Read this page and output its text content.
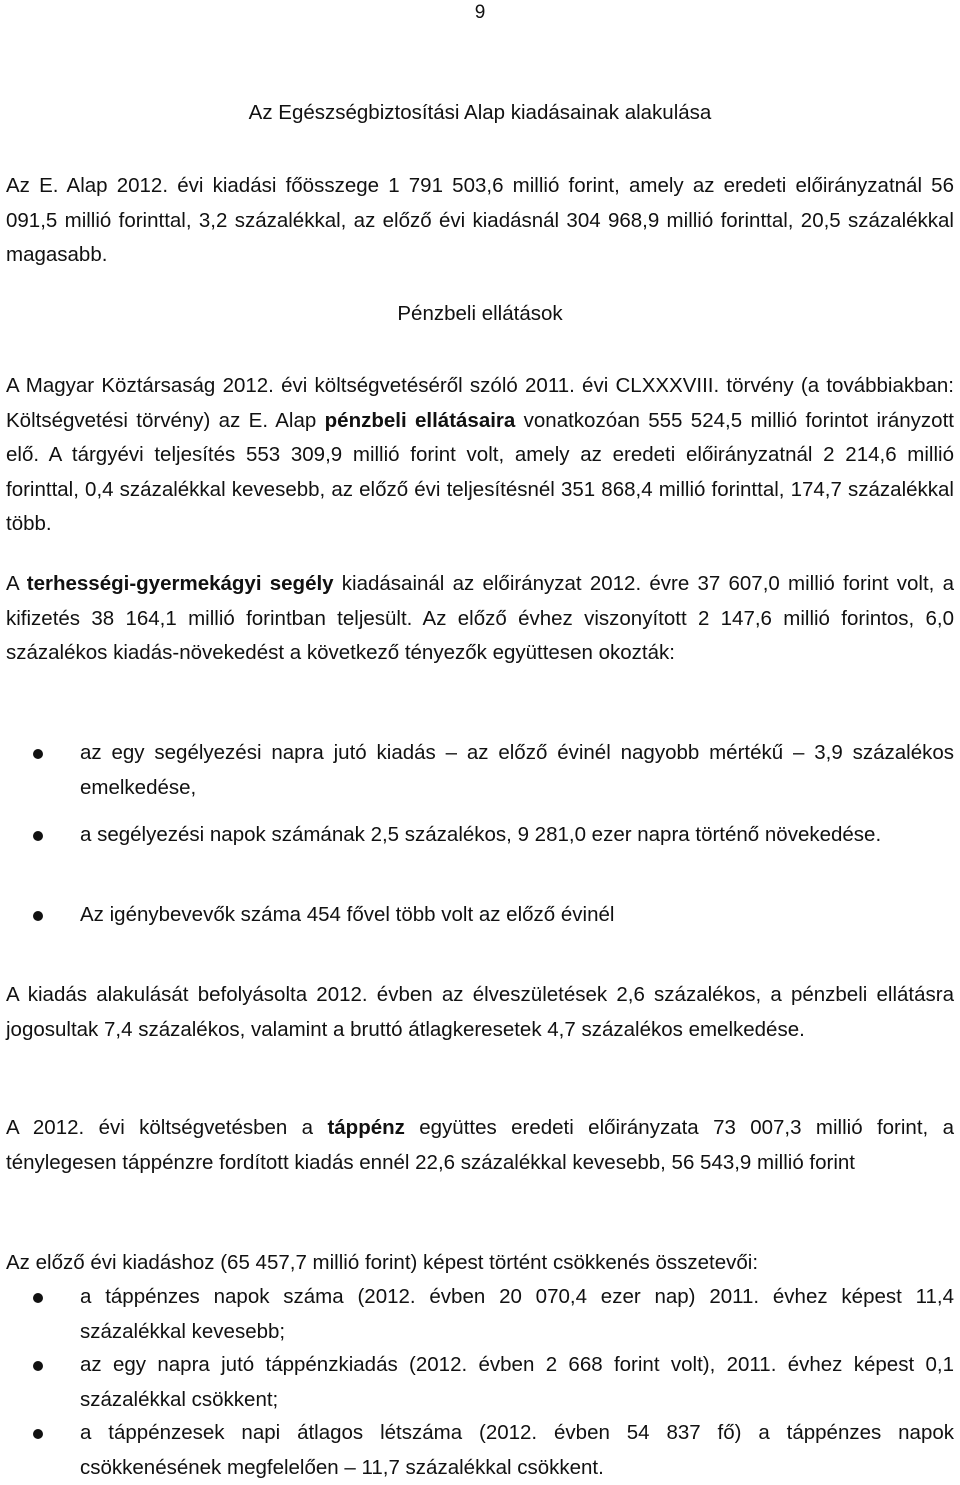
9
Az Egészségbiztosítási Alap kiadásainak alakulása
Az E. Alap 2012. évi kiadási főösszege 1 791 503,6 millió forint, amely az eredeti előirányzatnál 56 091,5 millió forinttal, 3,2 százalékkal, az előző évi kiadásnál 304 968,9 millió forinttal, 20,5 százalékkal magasabb.
Pénzbeli ellátások
A Magyar Köztársaság 2012. évi költségvetéséről szóló 2011. évi CLXXXVIII. törvény (a továbbiakban: Költségvetési törvény) az E. Alap pénzbeli ellátásaira vonatkozóan 555 524,5 millió forintot irányzott elő. A tárgyévi teljesítés 553 309,9 millió forint volt, amely az eredeti előirányzatnál 2 214,6 millió forinttal, 0,4 százalékkal kevesebb, az előző évi teljesítésnél 351 868,4 millió forinttal, 174,7 százalékkal több.
A terhességi-gyermekágyi segély kiadásainál az előirányzat 2012. évre 37 607,0 millió forint volt, a kifizetés 38 164,1 millió forintban teljesült. Az előző évhez viszonyított 2 147,6 millió forintos, 6,0 százalékos kiadás-növekedést a következő tényezők együttesen okozták:
az egy segélyezési napra jutó kiadás – az előző évinél nagyobb mértékű – 3,9 százalékos emelkedése,
a segélyezési napok számának 2,5 százalékos, 9 281,0 ezer napra történő növekedése.
Az igénybevevők száma 454 fővel több volt az előző évinél
A kiadás alakulását befolyásolta 2012. évben az élveszületések 2,6 százalékos, a pénzbeli ellátásra jogosultak 7,4 százalékos, valamint a bruttó átlagkeresetek 4,7 százalékos emelkedése.
A 2012. évi költségvetésben a táppénz együttes eredeti előirányzata 73 007,3 millió forint, a ténylegesen táppénzre fordított kiadás ennél 22,6 százalékkal kevesebb, 56 543,9 millió forint
Az előző évi kiadáshoz (65 457,7 millió forint) képest történt csökkenés összetevői:
a táppénzes napok száma (2012. évben 20 070,4 ezer nap) 2011. évhez képest 11,4 százalékkal kevesebb;
az egy napra jutó táppénzkiadás (2012. évben 2 668 forint volt), 2011. évhez képest 0,1 százalékkal csökkent;
a táppénzesek napi átlagos létszáma (2012. évben 54 837 fő) a táppénzes napok csökkenésének megfelelően – 11,7 százalékkal csökkent.
